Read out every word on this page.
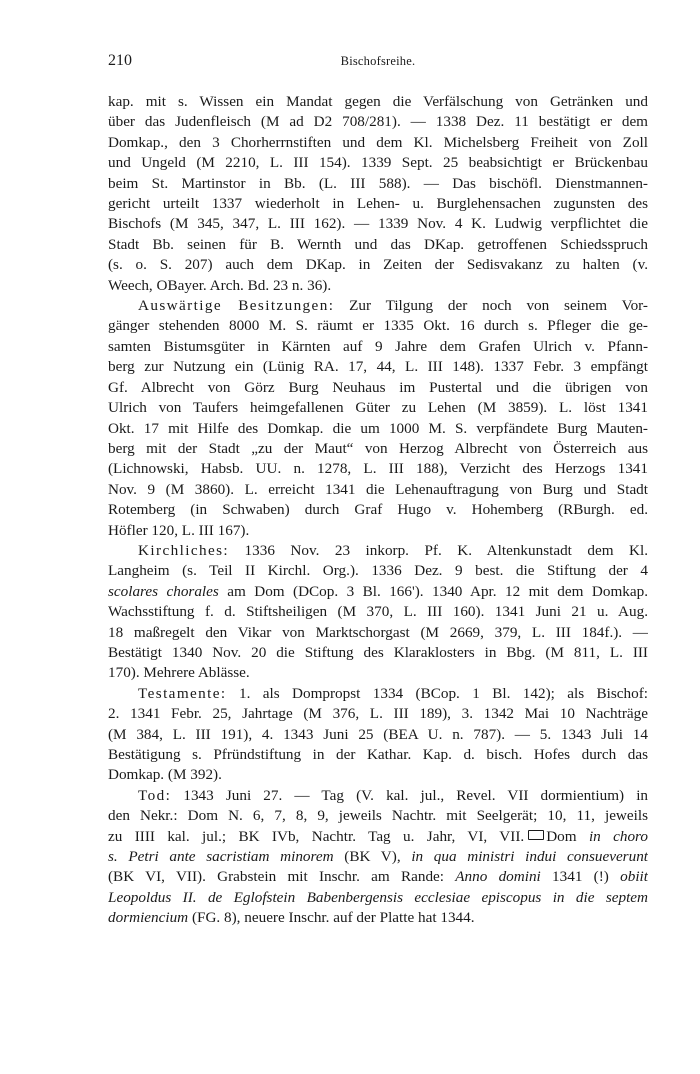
210	Bischofsreihe.
kap. mit s. Wissen ein Mandat gegen die Verfälschung von Getränken und
über das Judenfleisch (M ad D2 708/281). — 1338 Dez. 11 bestätigt er dem
Domkap., den 3 Chorherrnstiften und dem Kl. Michelsberg Freiheit von Zoll
und Ungeld (M 2210, L. III 154). 1339 Sept. 25 beabsichtigt er Brückenbau
beim St. Martinstor in Bb. (L. III 588). — Das bischöfl. Dienstmannen-
gericht urteilt 1337 wiederholt in Lehen- u. Burglehensachen zugunsten des
Bischofs (M 345, 347, L. III 162). — 1339 Nov. 4 K. Ludwig verpflichtet die
Stadt Bb. seinen für B. Wernth und das DKap. getroffenen Schiedsspruch
(s. o. S. 207) auch dem DKap. in Zeiten der Sedisvakanz zu halten (v.
Weech, OBayer. Arch. Bd. 23 n. 36).
Auswärtige Besitzungen: Zur Tilgung der noch von seinem Vor-
gänger stehenden 8000 M. S. räumt er 1335 Okt. 16 durch s. Pfleger die ge-
samten Bistumsgüter in Kärnten auf 9 Jahre dem Grafen Ulrich v. Pfann-
berg zur Nutzung ein (Lünig RA. 17, 44, L. III 148). 1337 Febr. 3 empfängt
Gf. Albrecht von Görz Burg Neuhaus im Pustertal und die übrigen von
Ulrich von Taufers heimgefallenen Güter zu Lehen (M 3859). L. löst 1341
Okt. 17 mit Hilfe des Domkap. die um 1000 M. S. verpfändete Burg Mauten-
berg mit der Stadt „zu der Maut“ von Herzog Albrecht von Österreich aus
(Lichnowski, Habsb. UU. n. 1278, L. III 188), Verzicht des Herzogs 1341
Nov. 9 (M 3860). L. erreicht 1341 die Lehenauftragung von Burg und Stadt
Rotemberg (in Schwaben) durch Graf Hugo v. Hohemberg (RBurgh. ed.
Höfler 120, L. III 167).
Kirchliches: 1336 Nov. 23 inkorp. Pf. K. Altenkunstadt dem Kl.
Langheim (s. Teil II Kirchl. Org.). 1336 Dez. 9 best. die Stiftung der 4
scolares chorales am Dom (DCop. 3 Bl. 166'). 1340 Apr. 12 mit dem Domkap.
Wachsstiftung f. d. Stiftsheiligen (M 370, L. III 160). 1341 Juni 21 u. Aug.
18 maßregelt den Vikar von Marktschorgast (M 2669, 379, L. III 184f.). —
Bestätigt 1340 Nov. 20 die Stiftung des Klaraklosters in Bbg. (M 811, L. III
170). Mehrere Ablässe.
Testamente: 1. als Dompropst 1334 (BCop. 1 Bl. 142); als Bischof:
2. 1341 Febr. 25, Jahrtage (M 376, L. III 189), 3. 1342 Mai 10 Nachträge
(M 384, L. III 191), 4. 1343 Juni 25 (BEA U. n. 787). — 5. 1343 Juli 14
Bestätigung s. Pfründstiftung in der Kathar. Kap. d. bisch. Hofes durch das
Domkap. (M 392).
Tod: 1343 Juni 27. — Tag (V. kal. jul., Revel. VII dormientium) in
den Nekr.: Dom N. 6, 7, 8, 9, jeweils Nachtr. mit Seelgerät; 10, 11, jeweils
zu IIII kal. jul.; BK IVb, Nachtr. Tag u. Jahr, VI, VII. Dom in choro
s. Petri ante sacristiam minorem (BK V), in qua ministri indui consueverunt
(BK VI, VII). Grabstein mit Inschr. am Rande: Anno domini 1341 (!) obiit
Leopoldus II. de Eglofstein Babenbergensis ecclesiae episcopus in die septem
dormiencium (FG. 8), neuere Inschr. auf der Platte hat 1344.
